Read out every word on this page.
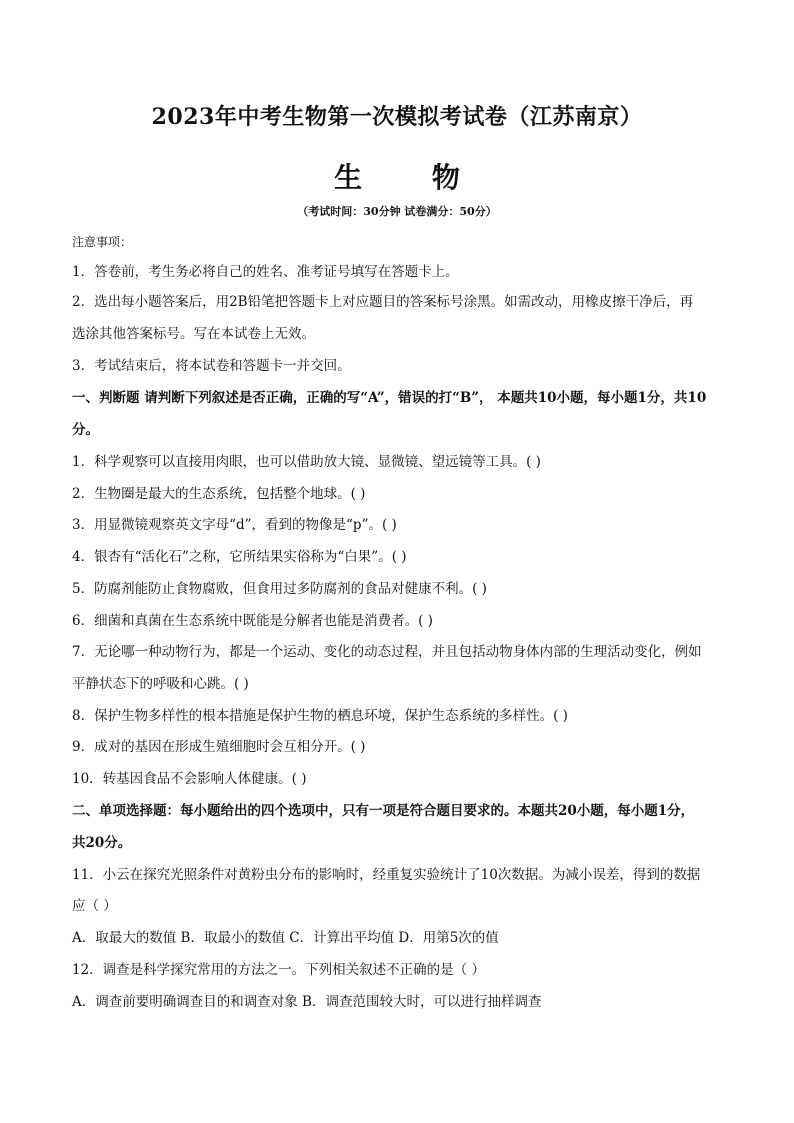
2023年中考生物第一次模拟考试卷（江苏南京）
生 物
（考试时间：30分钟 试卷满分：50分）
注意事项：
1．答卷前，考生务必将自己的姓名、准考证号填写在答题卡上。
2．选出每小题答案后，用2B铅笔把答题卡上对应题目的答案标号涂黑。如需改动，用橡皮擦干净后，再
选涂其他答案标号。写在本试卷上无效。
3．考试结束后，将本试卷和答题卡一并交回。
一、判断题 请判断下列叙述是否正确，正确的写“A”，错误的打“B”， 本题共10小题，每小题1分，共10
分。
1．科学观察可以直接用肉眼，也可以借助放大镜、显微镜、望远镜等工具。( )
2．生物圈是最大的生态系统，包括整个地球。( )
3．用显微镜观察英文字母“d”，看到的物像是“p”。( )
4．银杏有“活化石”之称，它所结果实俗称为“白果”。( )
5．防腐剂能防止食物腐败，但食用过多防腐剂的食品对健康不利。( )
6．细菌和真菌在生态系统中既能是分解者也能是消费者。( )
7．无论哪一种动物行为，都是一个运动、变化的动态过程，并且包括动物身体内部的生理活动变化，例如
平静状态下的呼吸和心跳。( )
8．保护生物多样性的根本措施是保护生物的栖息环境，保护生态系统的多样性。( )
9．成对的基因在形成生殖细胞时会互相分开。( )
10．转基因食品不会影响人体健康。( )
二、单项选择题：每小题给出的四个选项中，只有一项是符合题目要求的。本题共20小题，每小题1分，
共20分。
11．小云在探究光照条件对黄粉虫分布的影响时，经重复实验统计了10次数据。为减小误差，得到的数据
应（ ）
A．取最大的数值 B．取最小的数值 C．计算出平均值 D．用第5次的值
12．调查是科学探究常用的方法之一。下列相关叙述不正确的是（ ）
A．调查前要明确调查目的和调查对象 B．调查范围较大时，可以进行抽样调查
